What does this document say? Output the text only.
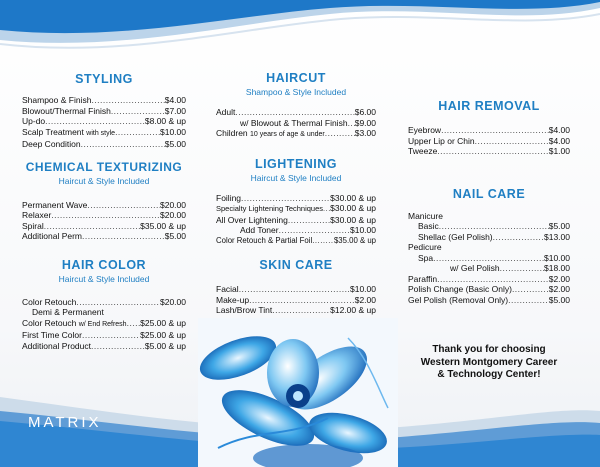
STYLING
Shampoo & Finish .....	$4.00
Blowout/Thermal Finish .....	$7.00
Up-do .....	$8.00 & up
Scalp Treatment with style .....	$10.00
Deep Condition .....	$5.00
CHEMICAL TEXTURIZING
Haircut & Style Included
Permanent Wave .....	$20.00
Relaxer .....	$20.00
Spiral .....	$35.00 & up
Additional Perm .....	$5.00
HAIR COLOR
Haircut & Style Included
Color Retouch .....	$20.00
Demi & Permanent
Color Retouch w/ End Refresh ..... $25.00 & up
First Time Color .....	$25.00 & up
Additional Product .....	$5.00 & up
HAIRCUT
Shampoo & Style Included
Adult .....	$6.00
w/ Blowout & Thermal Finish ..... $9.00
Children 10 years of age & under .....	$3.00
LIGHTENING
Haircut & Style Included
Foiling .....	$30.00 & up
Specialty Lightening Techniques ..... $30.00 & up
All Over Lightening .....	$30.00 & up
Add Toner .....	$10.00
Color Retouch & Partial Foil .....	$35.00 & up
SKIN CARE
Facial .....	$10.00
Make-up .....	$2.00
Lash/Brow Tint .....	$12.00 & up
HAIR REMOVAL
Eyebrow .....	$4.00
Upper Lip or Chin .....	$4.00
Tweeze .....	$1.00
NAIL CARE
Manicure
Basic .....	$5.00
Shellac (Gel Polish) .....	$13.00
Pedicure
Spa .....	$10.00
w/ Gel Polish .....	$18.00
Paraffin .....	$2.00
Polish Change (Basic Only) .....	$2.00
Gel Polish (Removal Only) .....	$5.00
Thank you for choosing
Western Montgomery Career
& Technology Center!
MATRIX
